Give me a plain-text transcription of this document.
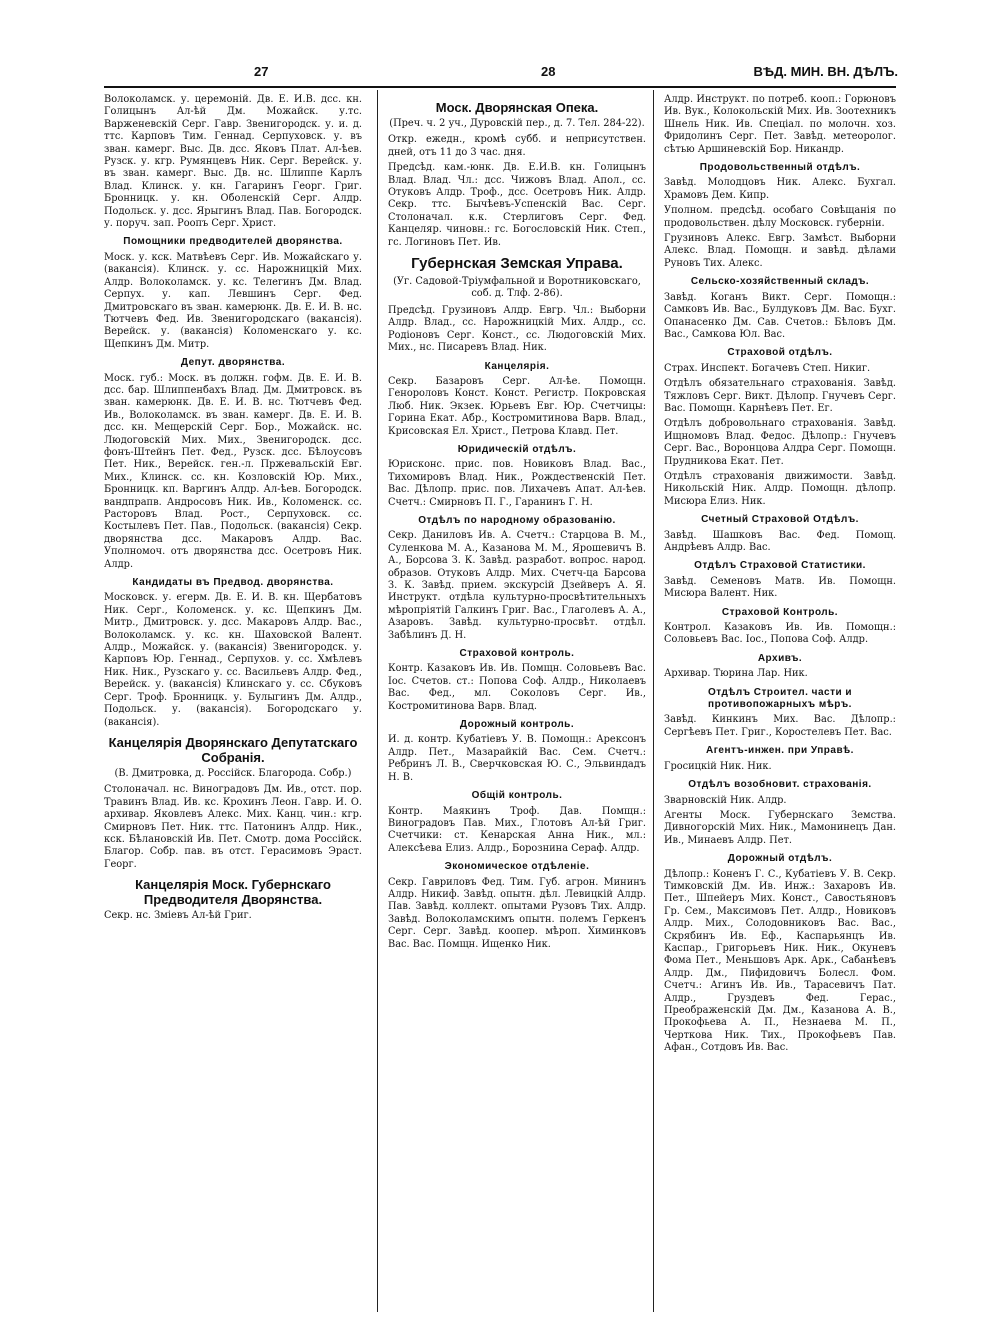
27	28	ВѢД. МИН. ВН. ДѢЛЪ.

Волоколамск. у. церемоній. Дв. Е. И.В. дсс. кн. Голицынъ Ал-ѣй Дм. Можайск. у.тс. Варженевскій Серг. Гавр. Звенигородск. у. и. д. ттс. Карповъ Тим. Геннад. Серпуховск. у. въ зван. камерг. Выс. Дв. дсс. Яковъ Плат. Ал-ѣев. Рузск. у. кгр. Румянцевъ Ник. Серг. Верейск. у. въ зван. камерг. Выс. Дв. нс. Шлиппе Карлъ Влад. Клинск. у. кн. Гагаринъ Георг. Григ. Бронницк. у. кн. Оболенскій Серг. Алдр. Подольск. у. дсс. Ярыгинъ Влад. Пав. Богородск. у. поруч. зап. Роопъ Серг. Христ.

Помощники предводителей дворянства.

Моск. у. кск. Матвѣевъ Серг. Ив. Можайскаго у. (вакансія). Клинск. у. сс. Нарожницкій Мих. Алдр. Волоколамск. у. кс. Телегинъ Дм. Влад. Серпух. у. кап. Левшинъ Серг. Фед. Дмитровскаго въ зван. камерюнк. Дв. Е. И. В. нс. Тютчевъ Фед. Ив. Звенигородскаго (вакансія). Верейск. у. (вакансія) Коломенскаго у. кс. Щепкинъ Дм. Митр.

Депут. дворянства.

Моск. губ.: Моск. въ должн. гофм. Дв. Е. И. В. дсс. бар. Шлиппенбахъ Влад. Дм. Дмитровск. въ зван. камерюнк. Дв. Е. И. В. нс. Тютчевъ Фед. Ив., Волоколамск. въ зван. камерг. Дв. Е. И. В. дсс. кн. Мещерскій Серг. Бор., Можайск. нс. Людоговскій Мих. Мих., Звенигородск. дсс. фонъ-Штейнъ Пет. Фед., Рузск. дсс. Бѣлоусовъ Пет. Ник., Верейск. ген.-л. Пржевальскій Евг. Мих., Клинск. сс. кн. Козловскій Юр. Мих., Бронницк. кп. Варгинъ Алдр. Ал-ѣев. Богородск. вандпрапв. Андросовъ Ник. Ив., Коломенск. сс. Расторовъ Влад. Рост., Серпуховск. сс. Костылевъ Пет. Пав., Подольск. (вакансія) Секр. дворянства дсс. Макаровъ Алдр. Вас. Уполномоч. отъ дворянства дсс. Осетровъ Ник. Алдр.

Кандидаты въ Предвод. дворянства.

Московск. у. егерм. Дв. Е. И. В. кн. Щербатовъ Ник. Серг., Коломенск. у. кс. Щепкинъ Дм. Митр., Дмитровск. у. дсс. Макаровъ Алдр. Вас., Волоколамск. у. кс. кн. Шаховской Валент. Алдр., Можайск. у. (вакансія) Звенигородск. у. Карповъ Юр. Геннад., Серпухов. у. сс. Хмѣлевъ Ник. Ник., Рузскаго у. сс. Васильевъ Алдр. Фед., Верейск. у. (вакансія) Клинскаго у. сс. Сбуковъ Серг. Троф. Бронницк. у. Булыгинъ Дм. Алдр., Подольск. у. (вакансія). Богородскаго у. (вакансія).

Канцелярія Дворянскаго Депутатскаго Собранія.

(В. Дмитровка, д. Россійск. Благорода. Собр.)

Столоначал. нс. Виноградовъ Дм. Ив., отст. пор. Травинъ Влад. Ив. кс. Крохинъ Леон. Гавр. И. О. архивар. Яковлевъ Алекс. Мих. Канц. чин.: кгр. Смирновъ Пет. Ник. ттс. Патонинъ Алдр. Ник., кск. Бѣлановскій Ив. Пет. Смотр. дома Россійск. Благор. Собр. пав. въ отст. Герасимовъ Эраст. Георг.

Канцелярія Моск. Губернскаго Предводителя Дворянства.

Секр. нс. Зміевъ Ал-ѣй Григ.

Моск. Дворянская Опека.

(Преч. ч. 2 уч., Дуровскій пер., д. 7. Тел. 284-22).

Откр. ежедн., кромѣ субб. и неприсутствен. дней, отъ 11 до 3 час. дня.

Предсѣд. кам.-юнк. Дв. Е.И.В. кн. Голицынъ Влад. Влад. Чл.: дсс. Чижовъ Влад. Апол., сс. Отуковъ Алдр. Троф., дсс. Осетровъ Ник. Алдр. Секр. ттс. Бычѣевъ-Успенскій Вас. Серг. Столоначал. к.к. Стерлиговъ Серг. Фед. Канцеляр. чиновн.: гс. Богословскій Ник. Степ., гс. Логиновъ Пет. Ив.

Губернская Земская Управа.

(Уг. Садовой-Тріумфальной и Воротниковскаго, соб. д. Тлф. 2-86).

Предсѣд. Грузиновъ Алдр. Евгр. Чл.: Выборни Алдр. Влад., сс. Нарожницкій Мих. Алдр., сс. Родіоновъ Серг. Конст., сс. Людоговскій Мих. Мих., нс. Писаревъ Влад. Ник.

Канцелярія.

Секр. Базаровъ Серг. Ал-ѣе. Помощн. Генороловъ Конст. Конст. Регистр. Покровская Люб. Ник. Экзек. Юрьевъ Евг. Юр. Счетчицы: Горина Екат. Абр., Костромитинова Варв. Влад., Крисовская Ел. Христ., Петрова Клавд. Пет.

Юридическій отдѣлъ.

Юрисконс. прис. пов. Новиковъ Влад. Вас., Тихомировъ Влад. Ник., Рождественскій Пет. Вас. Дѣлопр. прис. пов. Лихачевъ Апат. Ал-ѣев. Счетч.: Смирновъ П. Г., Гаранинъ Г. Н.

Отдѣлъ по народному образованію.

Секр. Даниловъ Ив. А. Счетч.: Старцова В. М., Суленкова М. А., Казанова М. М., Ярошевичъ В. А., Борсова З. К. Завѣд. разработ. вопрос. народ. образов. Отуковъ Алдр. Мих. Счетч-ца Барсова З. К. Завѣд. прием. экскурсій Дзейверъ А. Я. Инструкт. отдѣла культурно-просвѣтительныхъ мѣропріятій Галкинъ Григ. Вас., Глаголевъ А. А., Азаровъ. Завѣд. культурно-просвѣт. отдѣл. Забѣлинъ Д. Н.

Страховой контроль.

Контр. Казаковъ Ив. Ив. Помщн. Соловьевъ Вас. Іос. Счетов. ст.: Попова Соф. Алдр., Николаевъ Вас. Фед., мл. Соколовъ Серг. Ив., Костромитинова Варв. Влад.

Дорожный контроль.

И. д. контр. Кубатіевъ У. В. Помощн.: Арексонъ Алдр. Пет., Мазарайкій Вас. Сем. Счетч.: Ребринъ Л. В., Сверчковская Ю. С., Эльвиндадъ Н. В.

Общій контроль.

Контр. Маякинъ Троф. Дав. Помщн.: Виноградовъ Пав. Мих., Глотовъ Ал-ѣй Григ. Счетчики: ст. Кенарская Анна Ник., мл.: Алексѣева Елиз. Алдр., Борознина Сераф. Алдр.

Экономическое отдѣленіе.

Секр. Гавриловъ Фед. Тим. Губ. агрон. Мининъ Алдр. Никиф. Завѣд. опытн. дѣл. Левицкій Алдр. Пав. Завѣд. коллект. опытами Рузовъ Тих. Алдр. Завѣд. Волоколамскимъ опытн. полемъ Геркенъ Серг. Серг. Завѣд. коопер. мѣроп. Химинковъ Вас. Вас. Помщн. Ищенко Ник.

Алдр. Инструкт. по потреб. кооп.: Горюновъ Ив. Вук., Колокольскій Мих. Ив. Зоотехникъ Шнель Ник. Ив. Спеціал. по молочн. хоз. Фридолинъ Серг. Пет. Завѣд. метеоролог. сѣтью Аршиневскій Бор. Никандр.

Продовольственный отдѣлъ.

Завѣд. Молодцовъ Ник. Алекс. Бухгал. Храмовъ Дем. Кипр.

Уполном. предсѣд. особаго Совѣщанія по продовольствен. дѣлу Московск. губерніи.

Грузиновъ Алекс. Евгр. Замѣст. Выборни Алекс. Влад. Помощн. и завѣд. дѣлами Руновъ Тих. Алекс.

Сельско-хозяйственный складъ.

Завѣд. Коганъ Викт. Серг. Помощн.: Самковъ Ив. Вас., Булдуковъ Дм. Вас. Бухг. Опанасенко Дм. Сав. Счетов.: Бѣловъ Дм. Вас., Самкова Юл. Вас.

Страховой отдѣлъ.

Страх. Инспект. Богачевъ Степ. Никиг.

Отдѣлъ обязательнаго страхованія. Завѣд. Тяжловъ Серг. Викт. Дѣлопр. Гнучевъ Серг. Вас. Помощн. Карнѣевъ Пет. Ег.

Отдѣлъ добровольнаго страхованія. Завѣд. Ищномовъ Влад. Федос. Дѣлопр.: Гнучевъ Серг. Вас., Воронцова Алдра Серг. Помощн. Прудникова Екат. Пет.

Отдѣлъ страхованія движимости. Завѣд. Никольскій Ник. Алдр. Помощн. дѣлопр. Мисюра Елиз. Ник.

Счетный Страховой Отдѣлъ.

Завѣд. Шашковъ Вас. Фед. Помощ. Андрѣевъ Алдр. Вас.

Отдѣлъ Страховой Статистики.

Завѣд. Семеновъ Матв. Ив. Помощн. Мисюра Валент. Ник.

Страховой Контроль.

Контрол. Казаковъ Ив. Ив. Помощн.: Соловьевъ Вас. Іос., Попова Соф. Алдр.

Архивъ.

Архивар. Тюрина Лар. Ник.

Отдѣлъ Строител. части и противопожарныхъ мѣръ.

Завѣд. Кинкинъ Мих. Вас. Дѣлопр.: Сергѣевъ Пет. Григ., Коростелевъ Пет. Вас.

Агентъ-инжен. при Управѣ.

Гросицкій Ник. Ник.

Отдѣлъ возобновит. страхованія.

Зварновскій Ник. Алдр.

Агенты Моск. Губернскаго Земства. Дивногорскій Мих. Ник., Мамонинецъ Дан. Ив., Минаевъ Алдр. Пет.

Дорожный отдѣлъ.

Дѣлопр.: Коненъ Г. С., Кубатіевъ У. В. Секр. Тимковскій Дм. Ив. Инж.: Захаровъ Ив. Пет., Шпейеръ Мих. Конст., Савостьяновъ Гр. Сем., Максимовъ Пет. Алдр., Новиковъ Алдр. Мих., Солодовниковъ Вас. Вас., Скрябинъ Ив. Еф., Каспарьянцъ Ив. Каспар., Григорьевъ Ник. Ник., Окуневъ Фома Пет., Меньшовъ Арк. Арк., Сабанѣевъ Алдр. Дм., Пифидовичъ Болесл. Фом. Счетч.: Агинъ Ив. Ив., Тарасевичъ Пат. Алдр., Груздевъ Фед. Герас., Преображенскій Дм. Дм., Казанова А. В., Прокофьева А. П., Незнаева М. П., Черткова Ник. Тих., Прокофьевъ Пав. Афан., Сотдовъ Ив. Вас.
